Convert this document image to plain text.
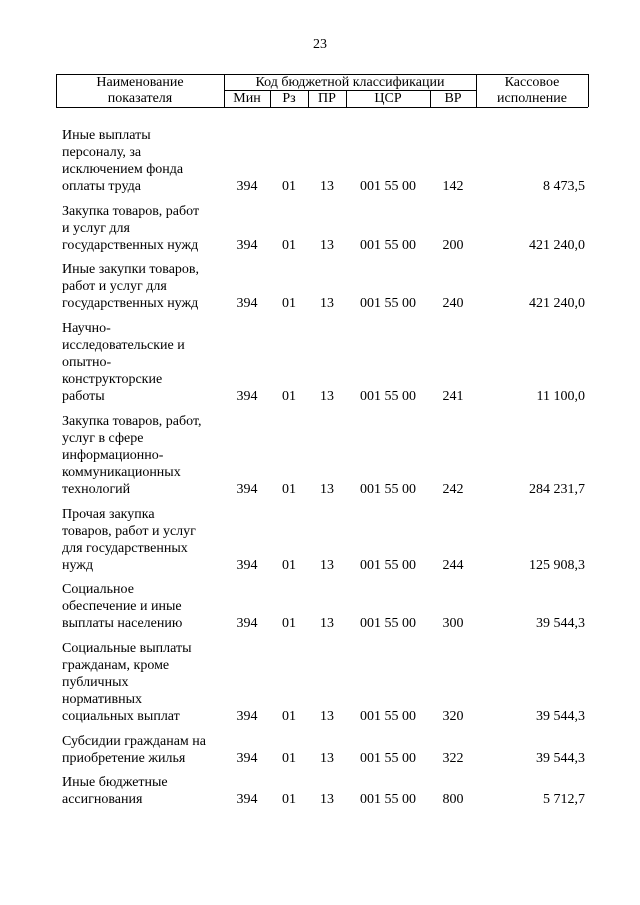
23
Наименование
показателя
Код бюджетной классификации
Мин	Рз	ПР	ЦСР	ВР
Кассовое
исполнение
Иные выплаты
персоналу, за
исключением фонда
оплаты труда	394	01	13	001 55 00	142	8 473,5
Закупка товаров, работ
и услуг для
государственных нужд	394	01	13	001 55 00	200	421 240,0
Иные закупки товаров,
работ и услуг для
государственных нужд	394	01	13	001 55 00	240	421 240,0
Научно-
исследовательские и
опытно-
конструкторские
работы	394	01	13	001 55 00	241	11 100,0
Закупка товаров, работ,
услуг в сфере
информационно-
коммуникационных
технологий	394	01	13	001 55 00	242	284 231,7
Прочая закупка
товаров, работ и услуг
для государственных
нужд	394	01	13	001 55 00	244	125 908,3
Социальное
обеспечение и иные
выплаты населению	394	01	13	001 55 00	300	39 544,3
Социальные выплаты
гражданам, кроме
публичных
нормативных
социальных выплат	394	01	13	001 55 00	320	39 544,3
Субсидии гражданам на
приобретение жилья	394	01	13	001 55 00	322	39 544,3
Иные бюджетные
ассигнования	394	01	13	001 55 00	800	5 712,7
